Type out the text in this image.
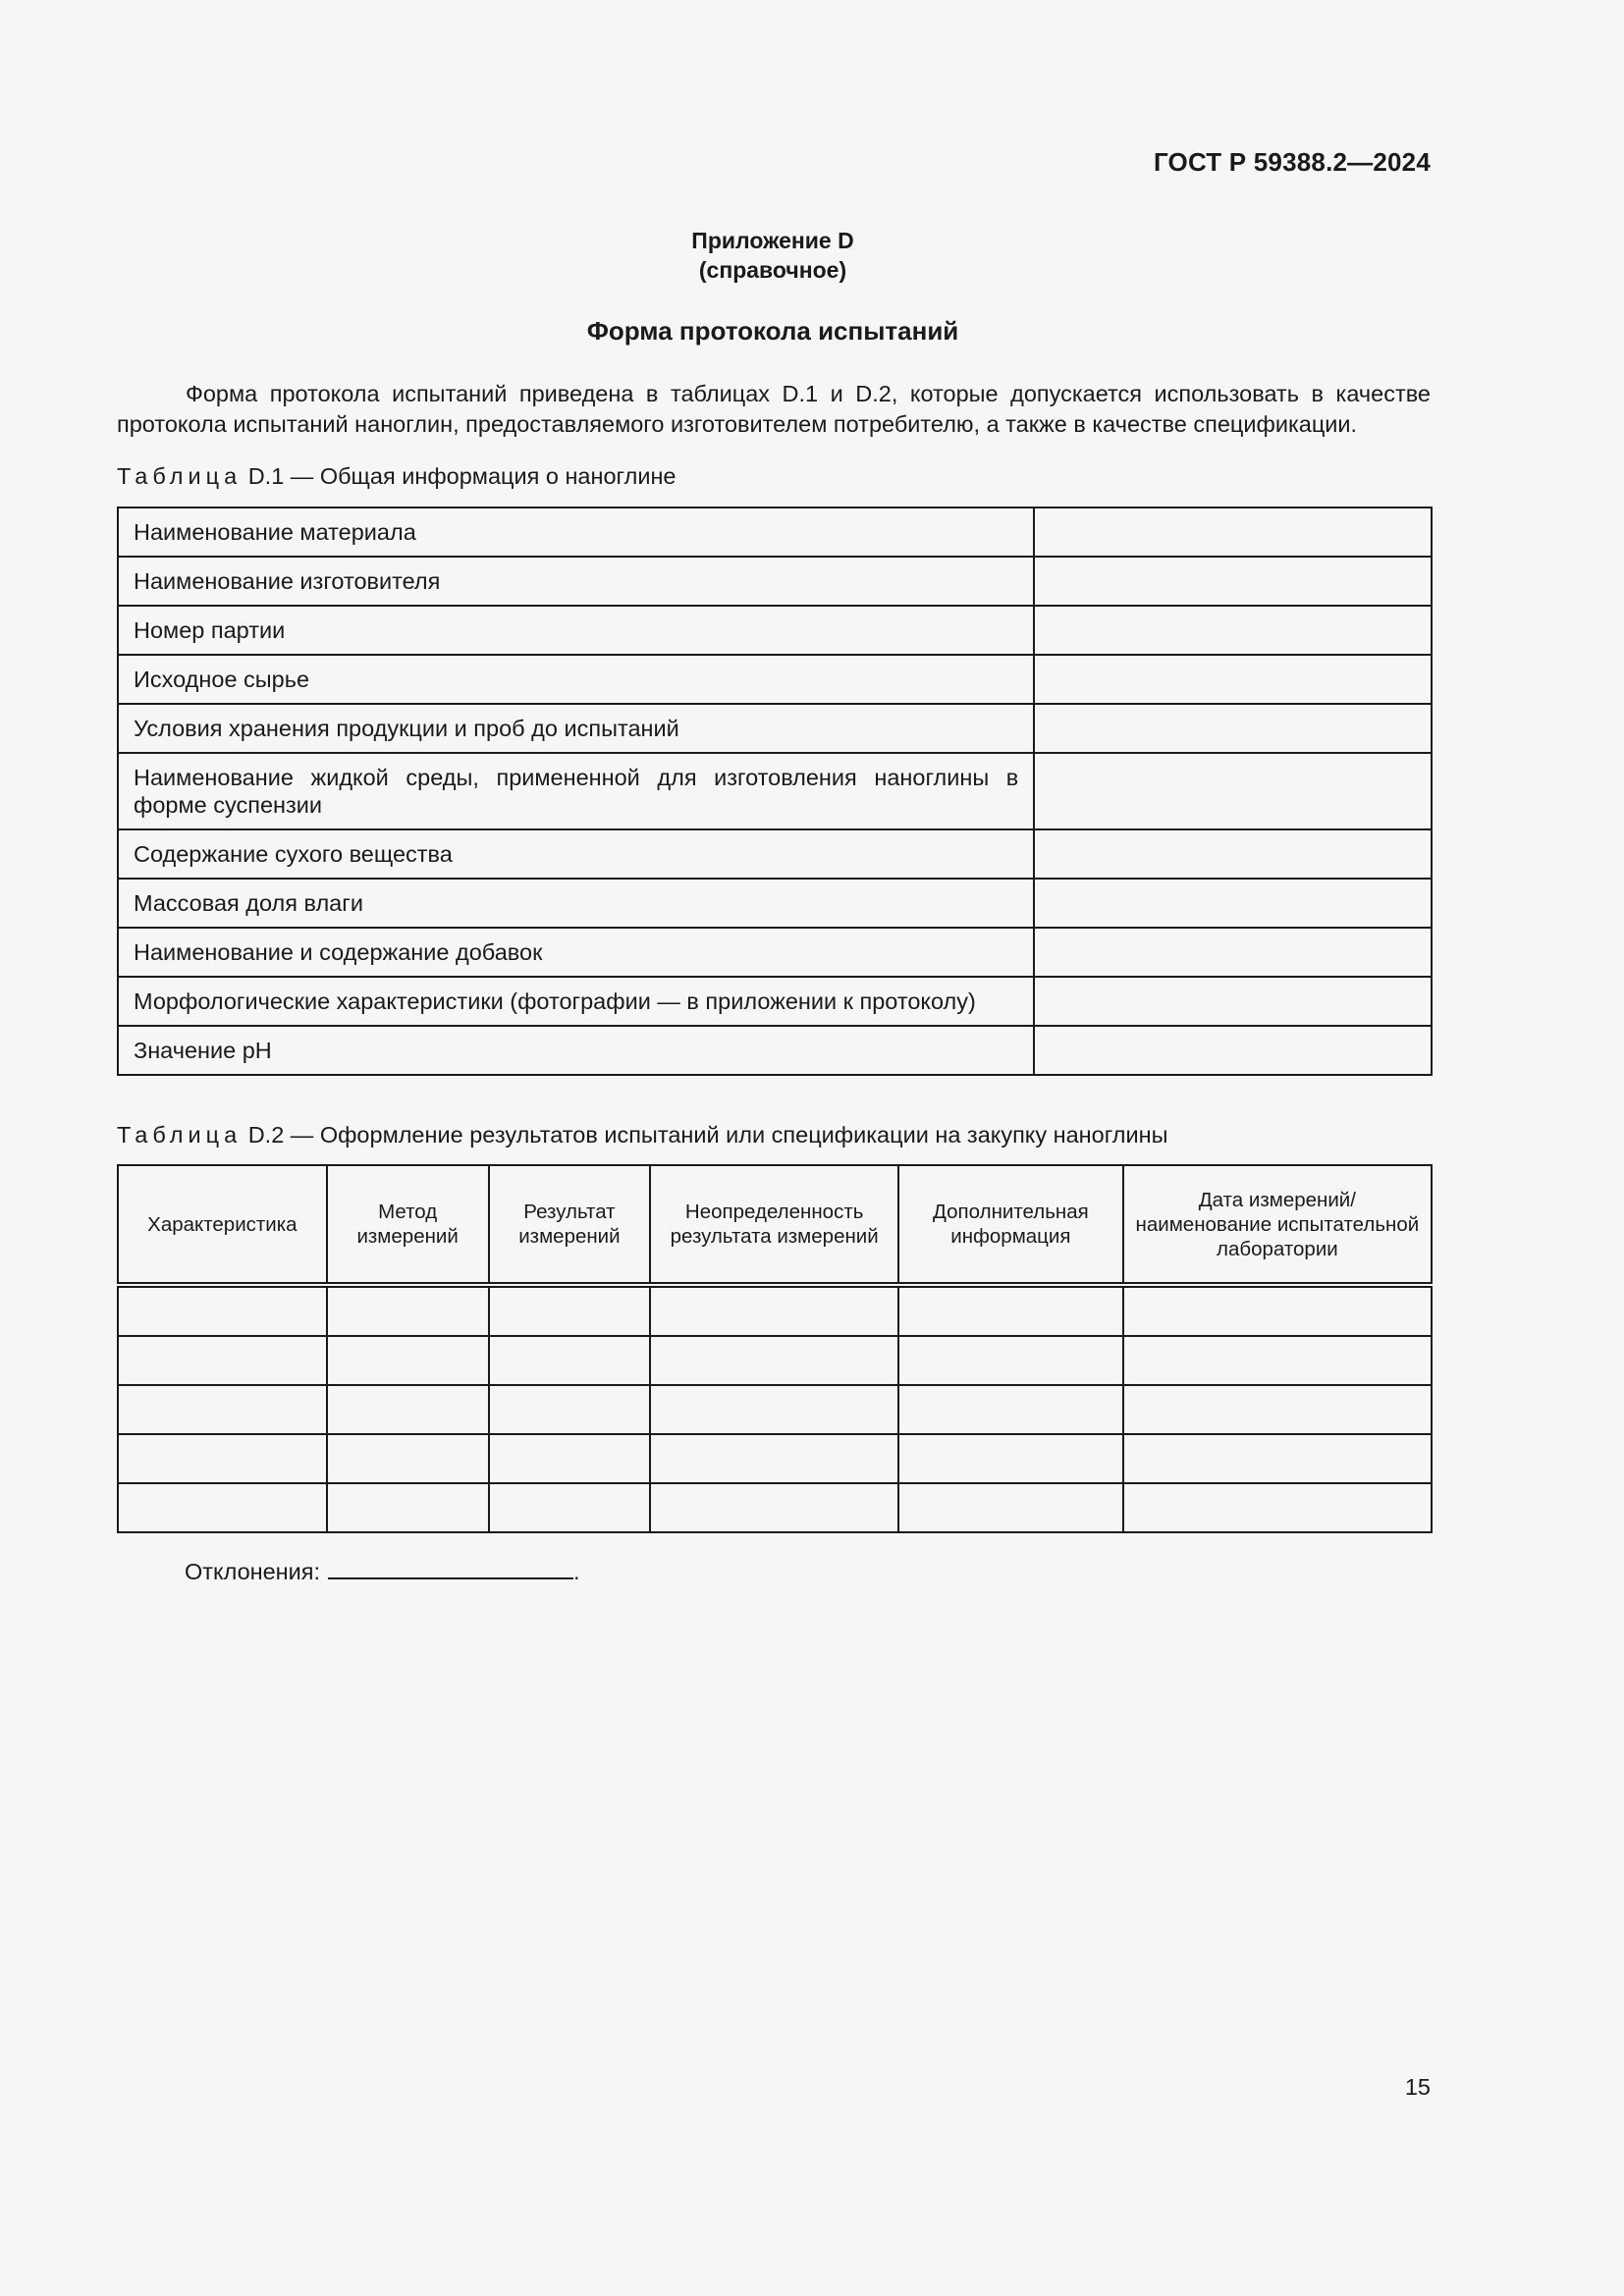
ГОСТ Р 59388.2—2024
Приложение D
(справочное)
Форма протокола испытаний

Форма протокола испытаний приведена в таблицах D.1 и D.2, которые допускается использовать в качестве протокола испытаний наноглин, предоставляемого изготовителем потребителю, а также в качестве спецификации.

Таблица D.1 — Общая информация о наноглине
Наименование материала	
Наименование изготовителя	
Номер партии	
Исходное сырье	
Условия хранения продукции и проб до испытаний	
Наименование жидкой среды, примененной для изготовления наноглины в форме суспензии	
Содержание сухого вещества	
Массовая доля влаги	
Наименование и содержание добавок	
Морфологические характеристики (фотографии — в приложении к протоколу)	
Значение pH	
Таблица D.2 — Оформление результатов испытаний или спецификации на закупку наноглины
Характеристика	Метод измерений	Результат измерений	Неопределенность результата измерений	Дополнительная информация	Дата измерений/ наименование испытательной лаборатории

Отклонения:	.
15
